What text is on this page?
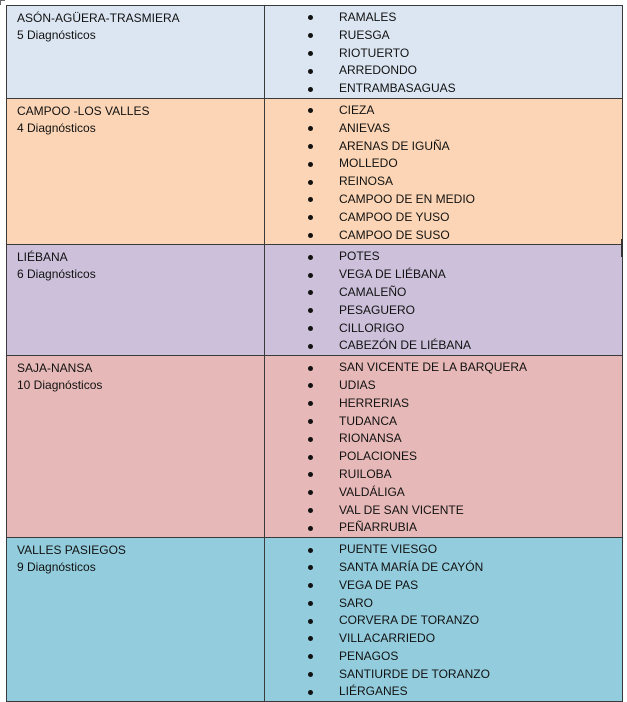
ASÓN-AGÜERA-TRASMIERA
5 Diagnósticos
RAMALES
RUESGA
RIOTUERTO
ARREDONDO
ENTRAMBASAGUAS
CAMPOO -LOS VALLES
4 Diagnósticos
CIEZA
ANIEVAS
ARENAS DE IGUÑA
MOLLEDO
REINOSA
CAMPOO DE EN MEDIO
CAMPOO DE YUSO
CAMPOO DE SUSO
LIÉBANA
6 Diagnósticos
POTES
VEGA DE LIÉBANA
CAMALEÑO
PESAGUERO
CILLORIGO
CABEZÓN DE LIÉBANA
SAJA-NANSA
10 Diagnósticos
SAN VICENTE DE LA BARQUERA
UDIAS
HERRERIAS
TUDANCA
RIONANSA
POLACIONES
RUILOBA
VALDÁLIGA
VAL DE SAN VICENTE
PEÑARRUBIA
VALLES PASIEGOS
9 Diagnósticos
PUENTE VIESGO
SANTA MARÍA DE CAYÓN
VEGA DE PAS
SARO
CORVERA DE TORANZO
VILLACARRIEDO
PENAGOS
SANTIURDE DE TORANZO
LIÉRGANES
